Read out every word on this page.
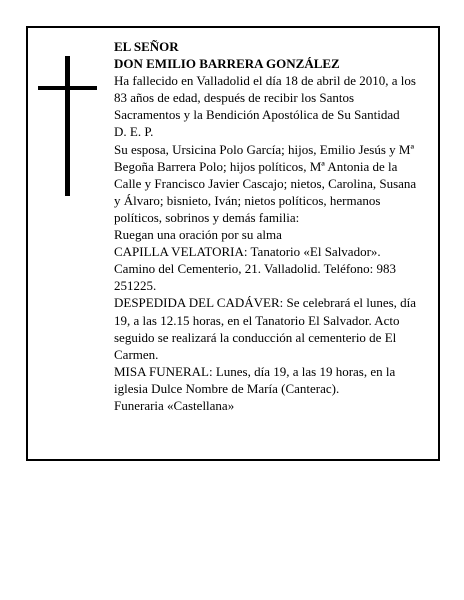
EL SEÑOR

DON EMILIO BARRERA GONZÁLEZ

Ha fallecido en Valladolid el día 18 de abril de 2010, a los 83 años de edad, después de recibir los Santos Sacramentos y la Bendición Apostólica de Su Santidad

D. E. P.

Su esposa, Ursicina Polo García; hijos, Emilio Jesús y Mª Begoña Barrera Polo; hijos políticos, Mª Antonia de la Calle y Francisco Javier Cascajo; nietos, Carolina, Susana y Álvaro; bisnieto, Iván; nietos políticos, hermanos políticos, sobrinos y demás familia:

Ruegan una oración por su alma

CAPILLA VELATORIA: Tanatorio «El Salvador». Camino del Cementerio, 21. Valladolid. Teléfono: 983 251225.

DESPEDIDA DEL CADÁVER: Se celebrará el lunes, día 19, a las 12.15 horas, en el Tanatorio El Salvador. Acto seguido se realizará la conducción al cementerio de El Carmen.

MISA FUNERAL: Lunes, día 19, a las 19 horas, en la iglesia Dulce Nombre de María (Canterac).

Funeraria «Castellana»
